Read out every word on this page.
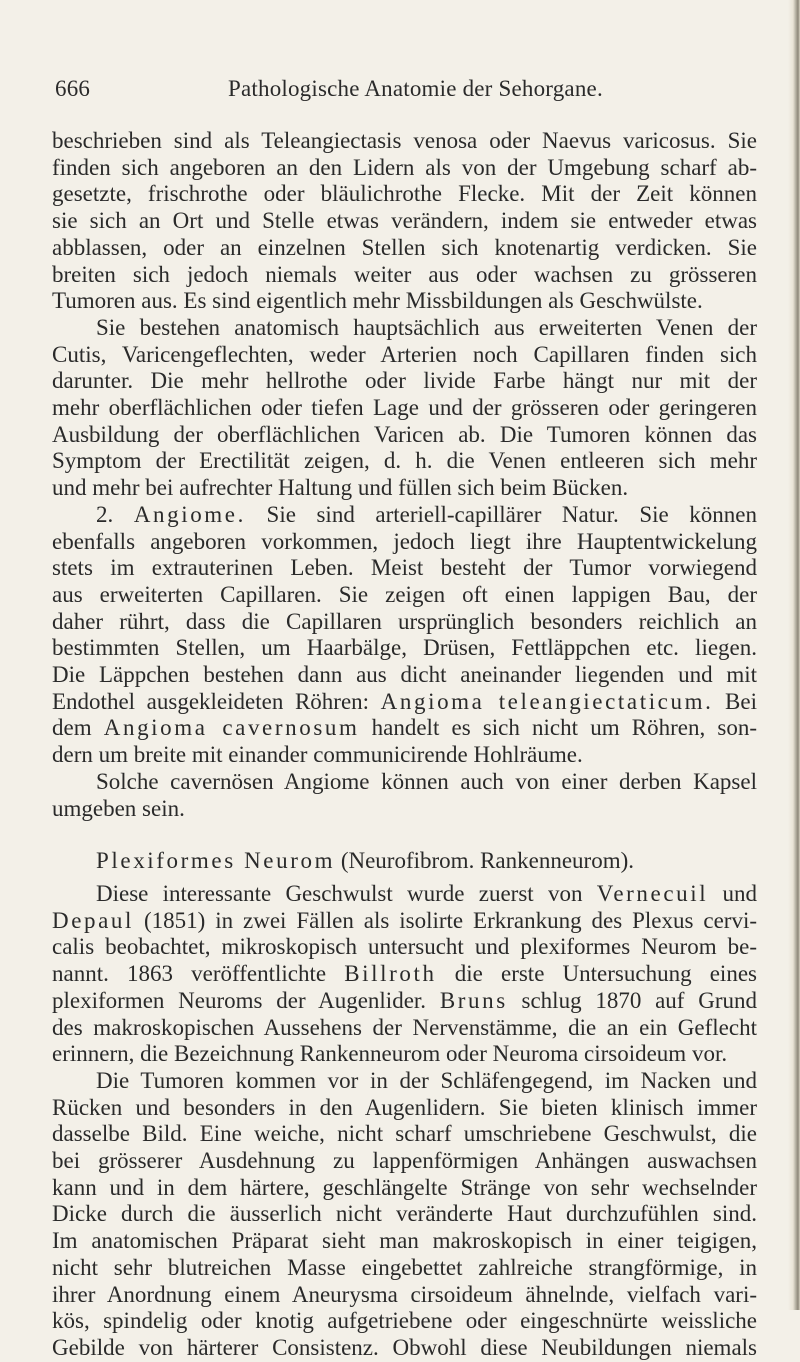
666	Pathologische Anatomie der Sehorgane.

beschrieben sind als Teleangiectasis venosa oder Naevus varicosus. Sie

finden sich angeboren an den Lidern als von der Umgebung scharf ab-

gesetzte, frischrothe oder bläulichrothe Flecke. Mit der Zeit können

sie sich an Ort und Stelle etwas verändern, indem sie entweder etwas

abblassen, oder an einzelnen Stellen sich knotenartig verdicken. Sie

breiten sich jedoch niemals weiter aus oder wachsen zu grösseren

Tumoren aus. Es sind eigentlich mehr Missbildungen als Geschwülste.

Sie bestehen anatomisch hauptsächlich aus erweiterten Venen der

Cutis, Varicengeflechten, weder Arterien noch Capillaren finden sich

darunter. Die mehr hellrothe oder livide Farbe hängt nur mit der

mehr oberflächlichen oder tiefen Lage und der grösseren oder geringeren

Ausbildung der oberflächlichen Varicen ab. Die Tumoren können das

Symptom der Erectilität zeigen, d. h. die Venen entleeren sich mehr

und mehr bei aufrechter Haltung und füllen sich beim Bücken.

2. Angiome. Sie sind arteriell-capillärer Natur. Sie können

ebenfalls angeboren vorkommen, jedoch liegt ihre Hauptentwickelung

stets im extrauterinen Leben. Meist besteht der Tumor vorwiegend

aus erweiterten Capillaren. Sie zeigen oft einen lappigen Bau, der

daher rührt, dass die Capillaren ursprünglich besonders reichlich an

bestimmten Stellen, um Haarbälge, Drüsen, Fettläppchen etc. liegen.

Die Läppchen bestehen dann aus dicht aneinander liegenden und mit

Endothel ausgekleideten Röhren: Angioma teleangiectaticum. Bei

dem Angioma cavernosum handelt es sich nicht um Röhren, son-

dern um breite mit einander communicirende Hohlräume.

Solche cavernösen Angiome können auch von einer derben Kapsel

umgeben sein.

Plexiformes Neurom (Neurofibrom. Rankenneurom).

Diese interessante Geschwulst wurde zuerst von Vernecuil und

Depaul (1851) in zwei Fällen als isolirte Erkrankung des Plexus cervi-

calis beobachtet, mikroskopisch untersucht und plexiformes Neurom be-

nannt. 1863 veröffentlichte Billroth die erste Untersuchung eines

plexiformen Neuroms der Augenlider. Bruns schlug 1870 auf Grund

des makroskopischen Aussehens der Nervenstämme, die an ein Geflecht

erinnern, die Bezeichnung Rankenneurom oder Neuroma cirsoideum vor.

Die Tumoren kommen vor in der Schläfengegend, im Nacken und

Rücken und besonders in den Augenlidern. Sie bieten klinisch immer

dasselbe Bild. Eine weiche, nicht scharf umschriebene Geschwulst, die

bei grösserer Ausdehnung zu lappenförmigen Anhängen auswachsen

kann und in dem härtere, geschlängelte Stränge von sehr wechselnder

Dicke durch die äusserlich nicht veränderte Haut durchzufühlen sind.

Im anatomischen Präparat sieht man makroskopisch in einer teigigen,

nicht sehr blutreichen Masse eingebettet zahlreiche strangförmige, in

ihrer Anordnung einem Aneurysma cirsoideum ähnelnde, vielfach vari-

kös, spindelig oder knotig aufgetriebene oder eingeschnürte weissliche

Gebilde von härterer Consistenz. Obwohl diese Neubildungen niemals
